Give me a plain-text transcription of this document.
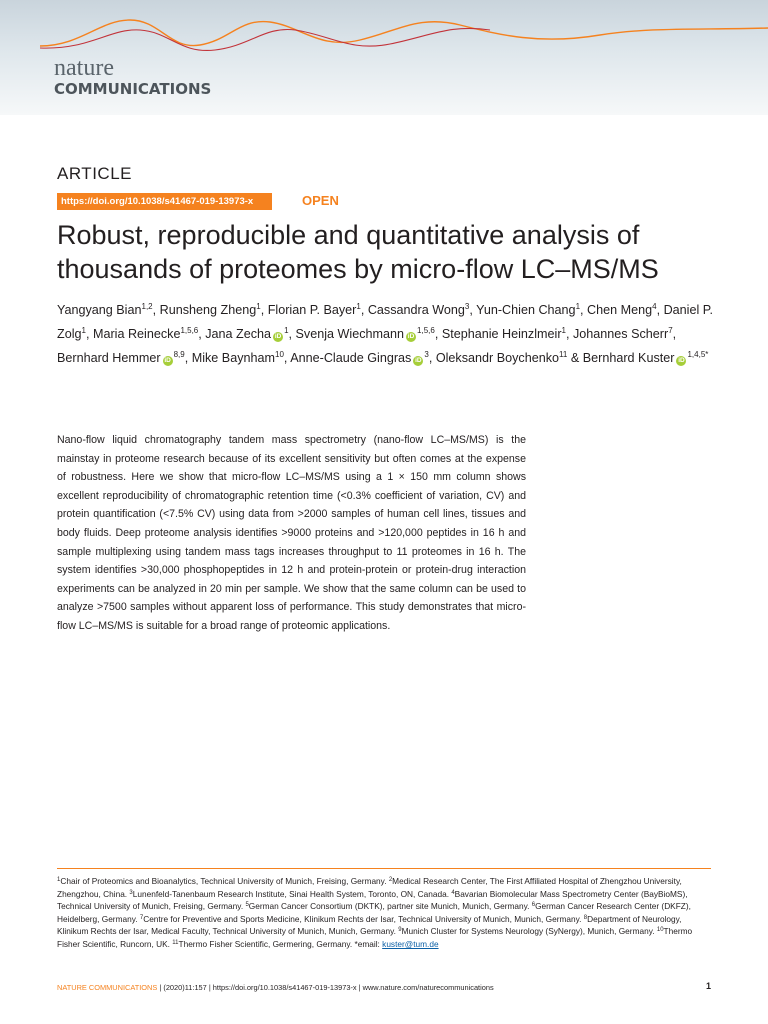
nature
COMMUNICATIONS
ARTICLE
https://doi.org/10.1038/s41467-019-13973-x	OPEN
Robust, reproducible and quantitative analysis of thousands of proteomes by micro-flow LC–MS/MS
Yangyang Bian$^{1,2}$, Runsheng Zheng$^1$, Florian P. Bayer$^1$, Cassandra Wong$^3$, Yun-Chien Chang$^1$, Chen Meng$^4$, Daniel P. Zolg$^1$, Maria Reinecke$^{1,5,6}$, Jana Zecha $iD^1$, Svenja Wiechmann iD$^{1,5,6}$, Stephanie Heinzlmeir$^1$, Johannes Scherr$^7$, Bernhard Hemmer iD$^{8,9}$, Mike Baynham$^{10}$, Anne-Claude Gingras $iD^3$, Oleksandr Boychenko$^{11}$ & Bernhard Kuster $iD^{1,4,5*}$
Nano-flow liquid chromatography tandem mass spectrometry (nano-flow LC–MS/MS) is the mainstay in proteome research because of its excellent sensitivity but often comes at the expense of robustness. Here we show that micro-flow LC–MS/MS using a 1 × 150 mm column shows excellent reproducibility of chromatographic retention time (<0.3% coefficient of variation, CV) and protein quantification (<7.5% CV) using data from >2000 samples of human cell lines, tissues and body fluids. Deep proteome analysis identifies >9000 proteins and >120,000 peptides in 16 h and sample multiplexing using tandem mass tags increases throughput to 11 proteomes in 16 h. The system identifies >30,000 phosphopeptides in 12 h and protein-protein or protein-drug interaction experiments can be analyzed in 20 min per sample. We show that the same column can be used to analyze >7500 samples without apparent loss of performance. This study demonstrates that micro-flow LC–MS/MS is suitable for a broad range of proteomic applications.
$^1$Chair of Proteomics and Bioanalytics, Technical University of Munich, Freising, Germany. $^2$Medical Research Center, The First Affiliated Hospital of Zhengzhou University, Zhengzhou, China. $^3$Lunenfeld-Tanenbaum Research Institute, Sinai Health System, Toronto, ON, Canada. $^4$Bavarian Biomolecular Mass Spectrometry Center (BayBioMS), Technical University of Munich, Freising, Germany. $^5$German Cancer Consortium (DKTK), partner site Munich, Munich, Germany. $^6$German Cancer Research Center (DKFZ), Heidelberg, Germany. $^7$Centre for Preventive and Sports Medicine, Klinikum Rechts der Isar, Technical University of Munich, Munich, Germany. $^8$Department of Neurology, Klinikum Rechts der Isar, Medical Faculty, Technical University of Munich, Munich, Germany. $^9$Munich Cluster for Systems Neurology (SyNergy), Munich, Germany. $^{10}$Thermo Fisher Scientific, Runcorn, UK. $^{11}$Thermo Fisher Scientific, Germering, Germany. *email: kuster@tum.de
NATURE COMMUNICATIONS | (2020)11:157 | https://doi.org/10.1038/s41467-019-13973-x | www.nature.com/naturecommunications	1
